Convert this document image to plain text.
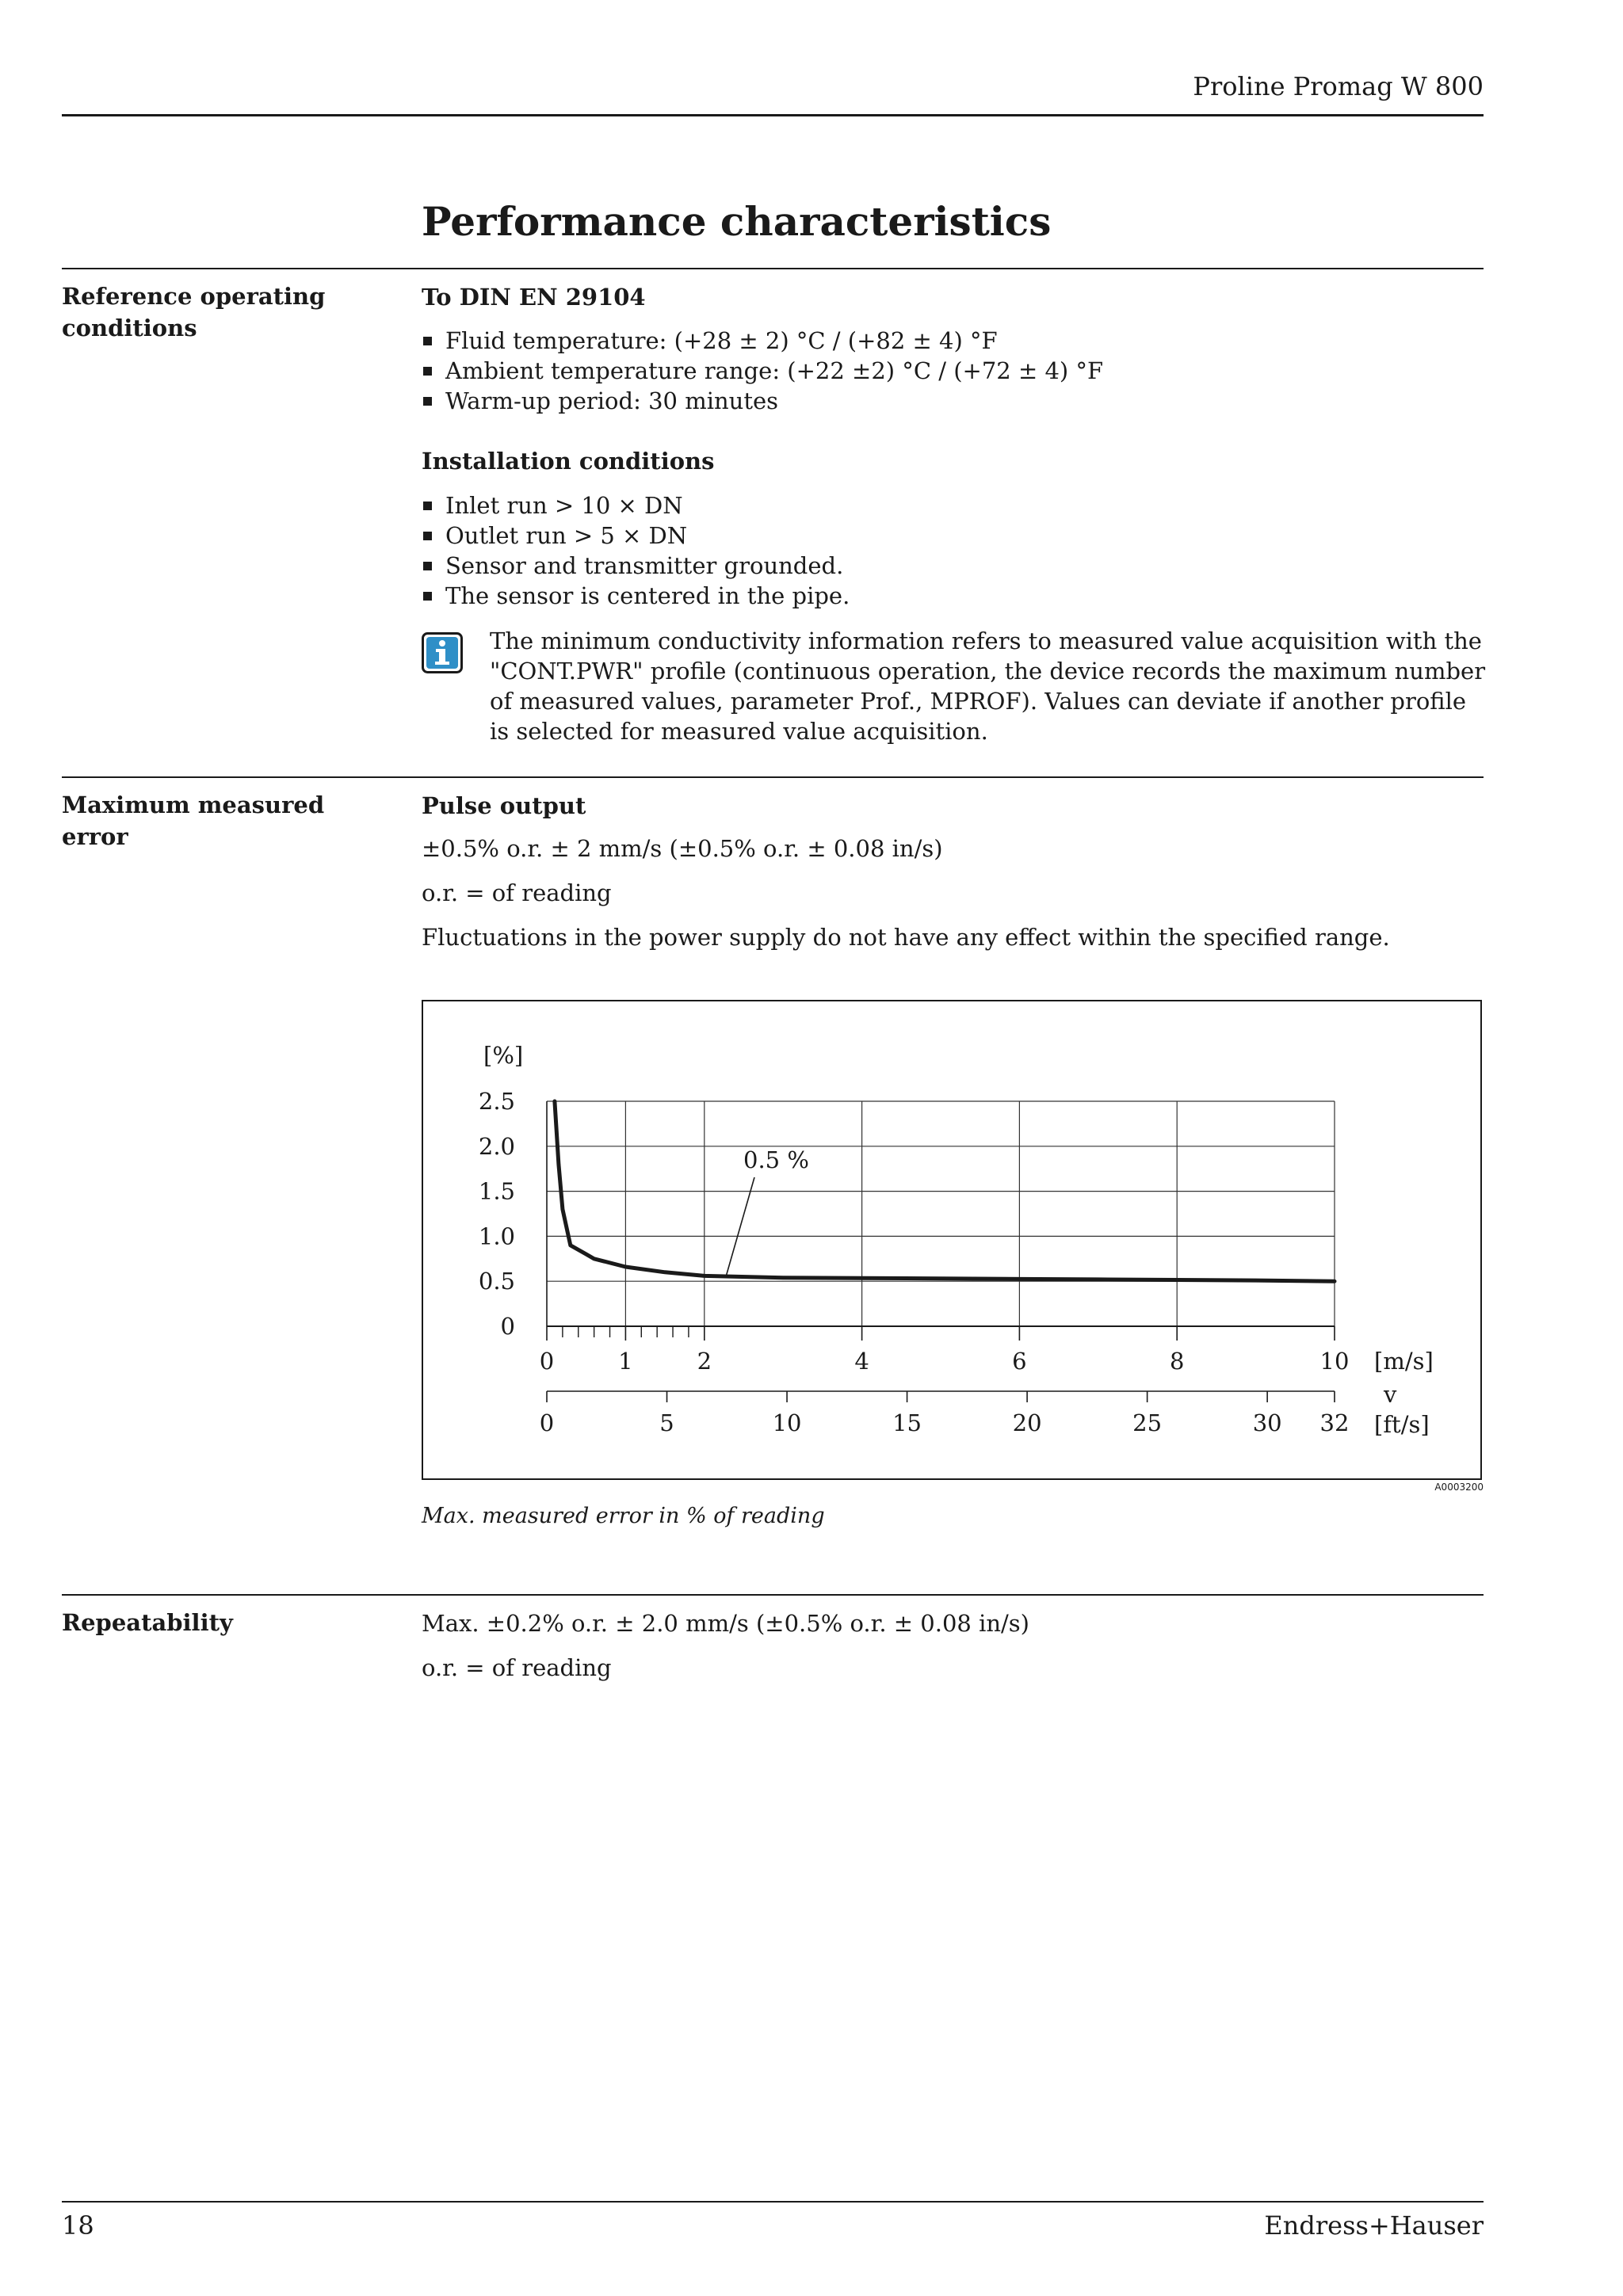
Proline Promag W 800
Performance characteristics
Reference operating conditions
To DIN EN 29104
Fluid temperature: (+28 ± 2) °C / (+82 ± 4) °F
Ambient temperature range: (+22 ±2) °C / (+72 ± 4) °F
Warm-up period: 30 minutes
Installation conditions
Inlet run > 10 × DN
Outlet run > 5 × DN
Sensor and transmitter grounded.
The sensor is centered in the pipe.
The minimum conductivity information refers to measured value acquisition with the "CONT.PWR" profile (continuous operation, the device records the maximum number of measured values, parameter Prof., MPROF). Values can deviate if another profile is selected for measured value acquisition.
Maximum measured error
Pulse output
±0.5% o.r. ± 2 mm/s (±0.5% o.r. ± 0.08 in/s)
o.r. = of reading
Fluctuations in the power supply do not have any effect within the specified range.
0
0.5
1.0
1.5
2.0
2.5
[%]
0	1	2	4	6	8	10 [m/s]
v
[ft/s]
0	5	10	15	20	25	30 32
0.5 %
A0003200
Max. measured error in % of reading
Repeatability	Max. ±0.2% o.r. ± 2.0 mm/s (±0.5% o.r. ± 0.08 in/s)
o.r. = of reading
18	Endress+Hauser
